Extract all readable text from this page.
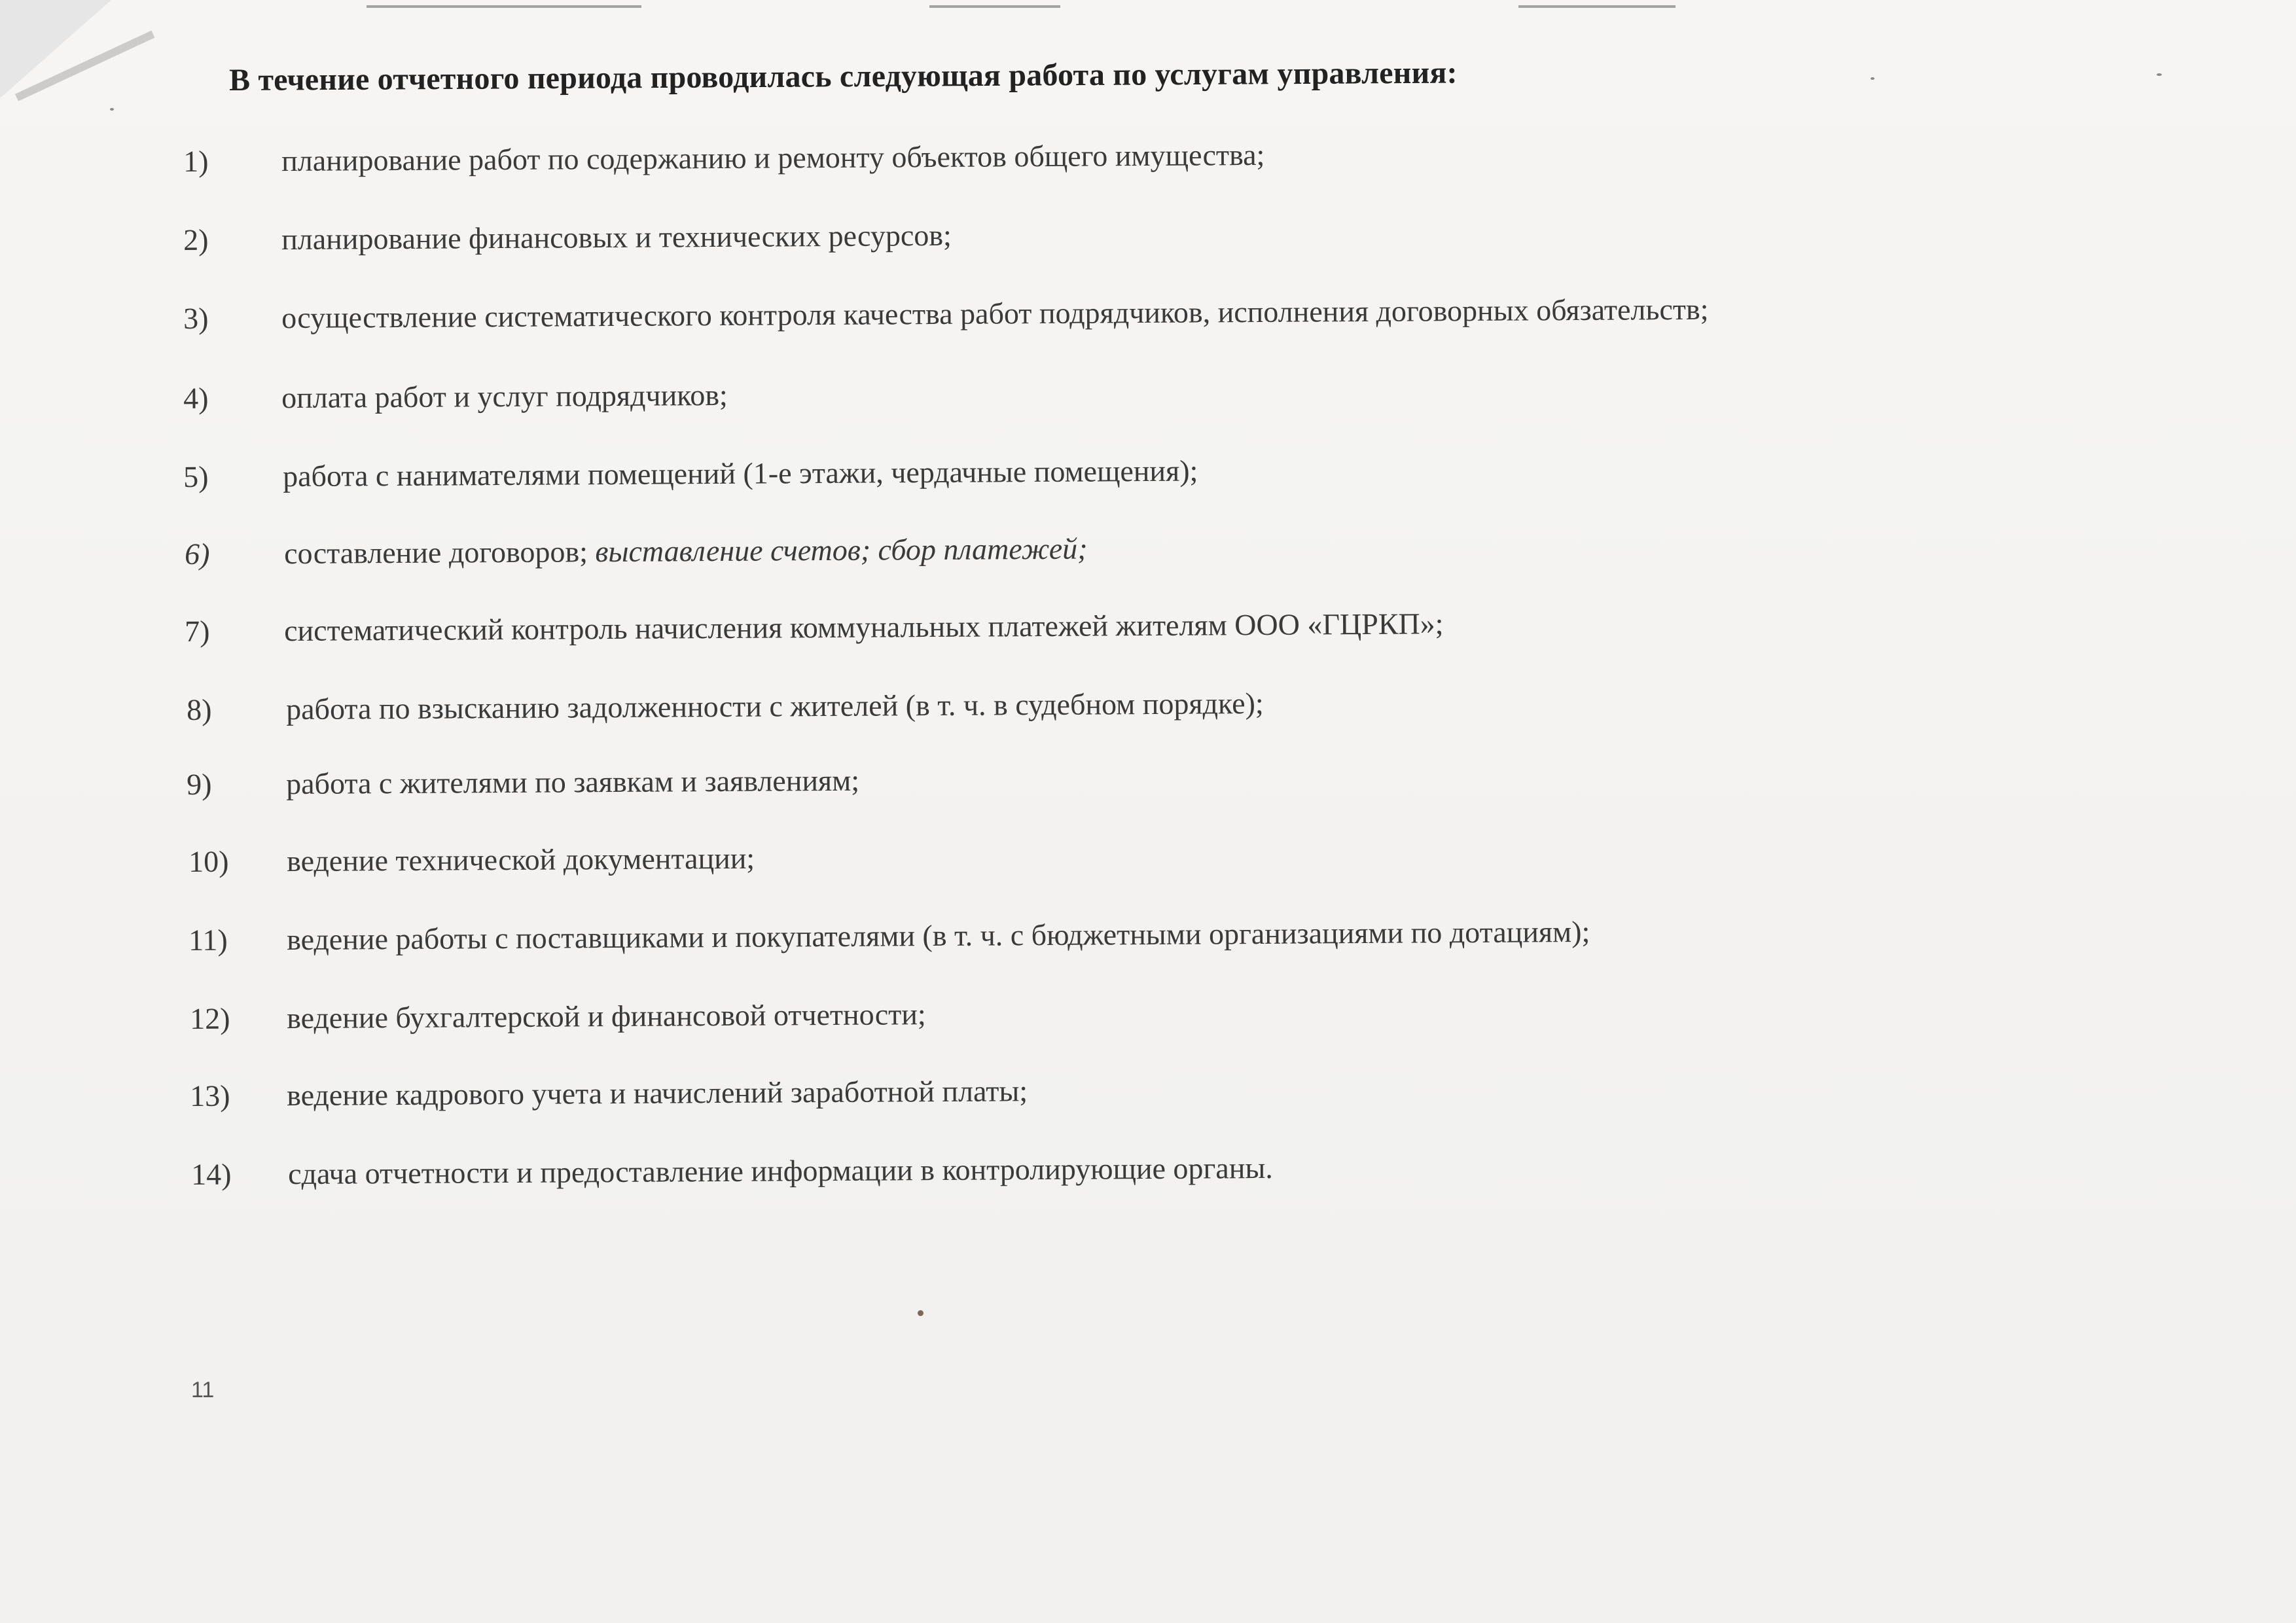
В течение отчетного периода проводилась следующая работа по услугам управления:
1) планирование работ по содержанию и ремонту объектов общего имущества;
2) планирование финансовых и технических ресурсов;
3) осуществление систематического контроля качества работ подрядчиков, исполнения договорных обязательств;
4) оплата работ и услуг подрядчиков;
5) работа с нанимателями помещений (1-е этажи, чердачные помещения);
6) составление договоров; выставление счетов; сбор платежей;
7) систематический контроль начисления коммунальных платежей жителям ООО «ГЦРКП»;
8) работа по взысканию задолженности с жителей (в т. ч. в судебном порядке);
9) работа с жителями по заявкам и заявлениям;
10) ведение технической документации;
11) ведение работы с поставщиками и покупателями (в т. ч. с бюджетными организациями по дотациям);
12) ведение бухгалтерской и финансовой отчетности;
13) ведение кадрового учета и начислений заработной платы;
14) сдача отчетности и предоставление информации в контролирующие органы.
11
